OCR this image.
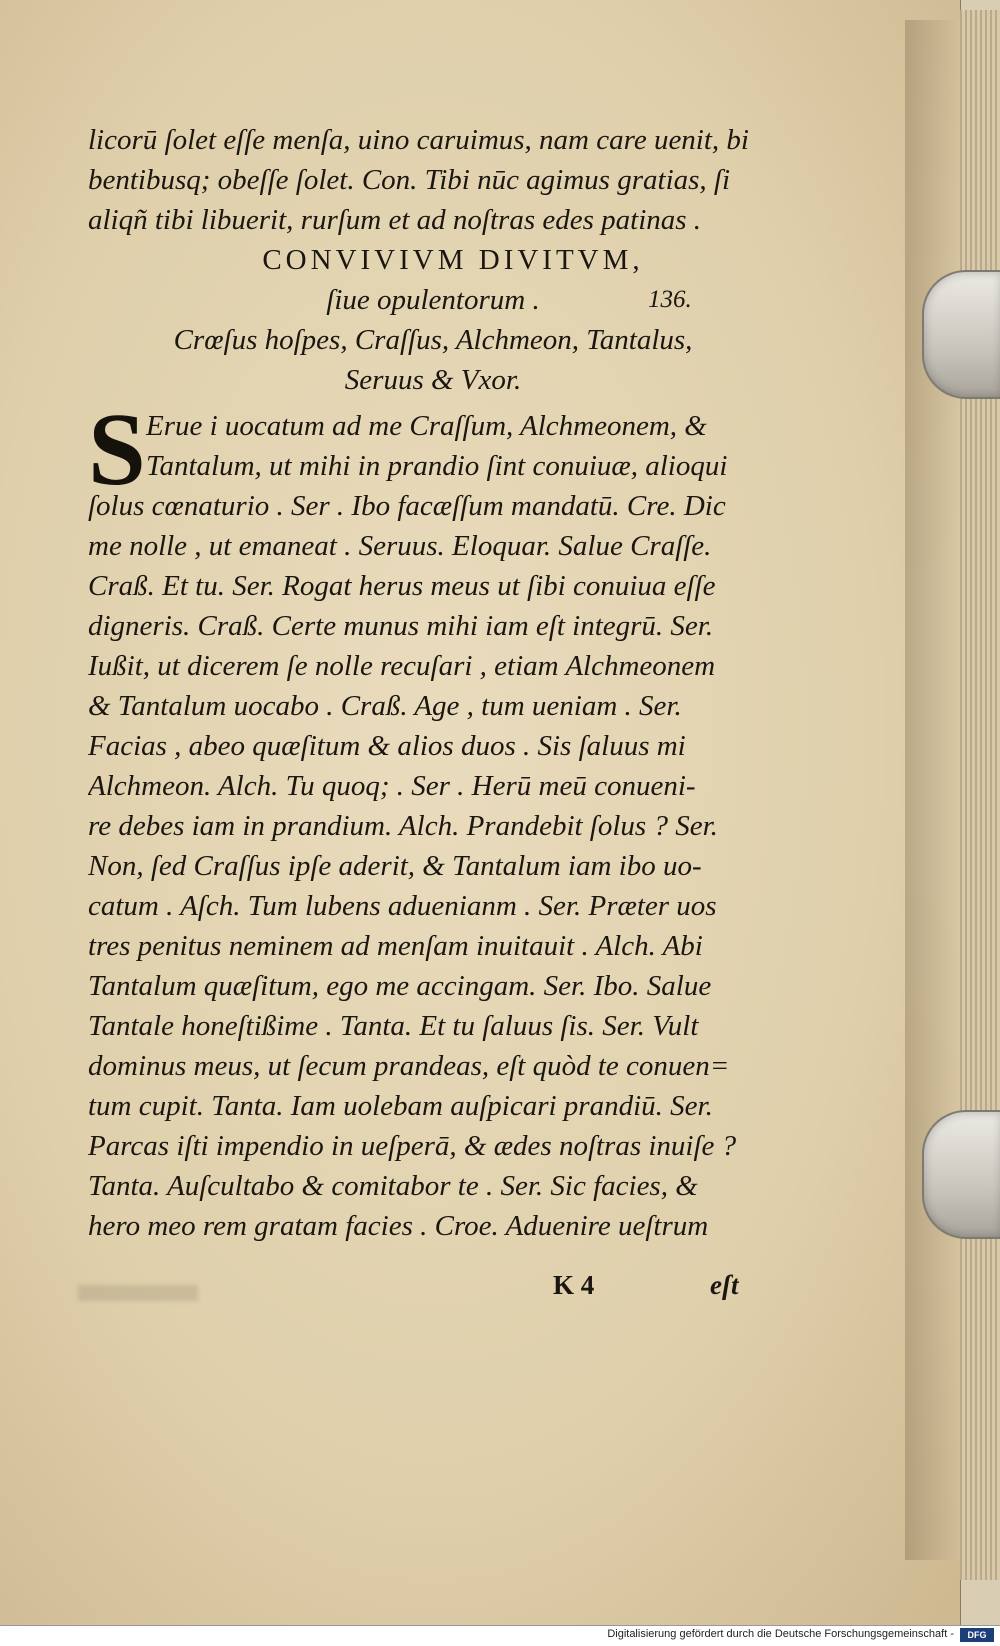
licorū ſolet eſſe menſa, uino caruimus, nam care uenit, bi
bentibusq; obeſſe ſolet. Con. Tibi nūc agimus gratias, ſi
aliqñ tibi libuerit, rurſum et ad noſtras edes patinas .
CONVIVIVM DIVITVM,
ſiue opulentorum .
Crœſus hoſpes, Craſſus, Alchmeon, Tantalus,
Seruus & Vxor.
S Erue i uocatum ad me Craſſum, Alchmeonem, &
Tantalum, ut mihi in prandio ſint conuiuæ, alioqui
ſolus cœnaturio . Ser . Ibo facæſſum mandatū. Cre. Dic
me nolle , ut emaneat . Seruus. Eloquar. Salue Craſſe.
Craß. Et tu. Ser. Rogat herus meus ut ſibi conuiua eſſe
digneris. Craß. Certe munus mihi iam eſt integrū. Ser.
Iußit, ut dicerem ſe nolle recuſari , etiam Alchmeonem
& Tantalum uocabo . Craß. Age , tum ueniam . Ser.
Facias , abeo quæſitum & alios duos . Sis ſaluus mi
Alchmeon. Alch. Tu quoq; . Ser . Herū meū conueni-
re debes iam in prandium. Alch. Prandebit ſolus ? Ser.
Non, ſed Craſſus ipſe aderit, & Tantalum iam ibo uo-
catum . Aſch. Tum lubens aduenianm . Ser. Præter uos
tres penitus neminem ad menſam inuitauit . Alch. Abi
Tantalum quæſitum, ego me accingam. Ser. Ibo. Salue
Tantale honeſtißime . Tanta. Et tu ſaluus ſis. Ser. Vult
dominus meus, ut ſecum prandeas, eſt quòd te conuen=
tum cupit. Tanta. Iam uolebam auſpicari prandiū. Ser.
Parcas iſti impendio in ueſperā, & ædes noſtras inuiſe ?
Tanta. Auſcultabo & comitabor te . Ser. Sic facies, &
hero meo rem gratam facies . Croe. Aduenire ueſtrum
136.
K 4	eſt
Digitalisierung gefördert durch die Deutsche Forschungsgemeinschaft -	DFG
